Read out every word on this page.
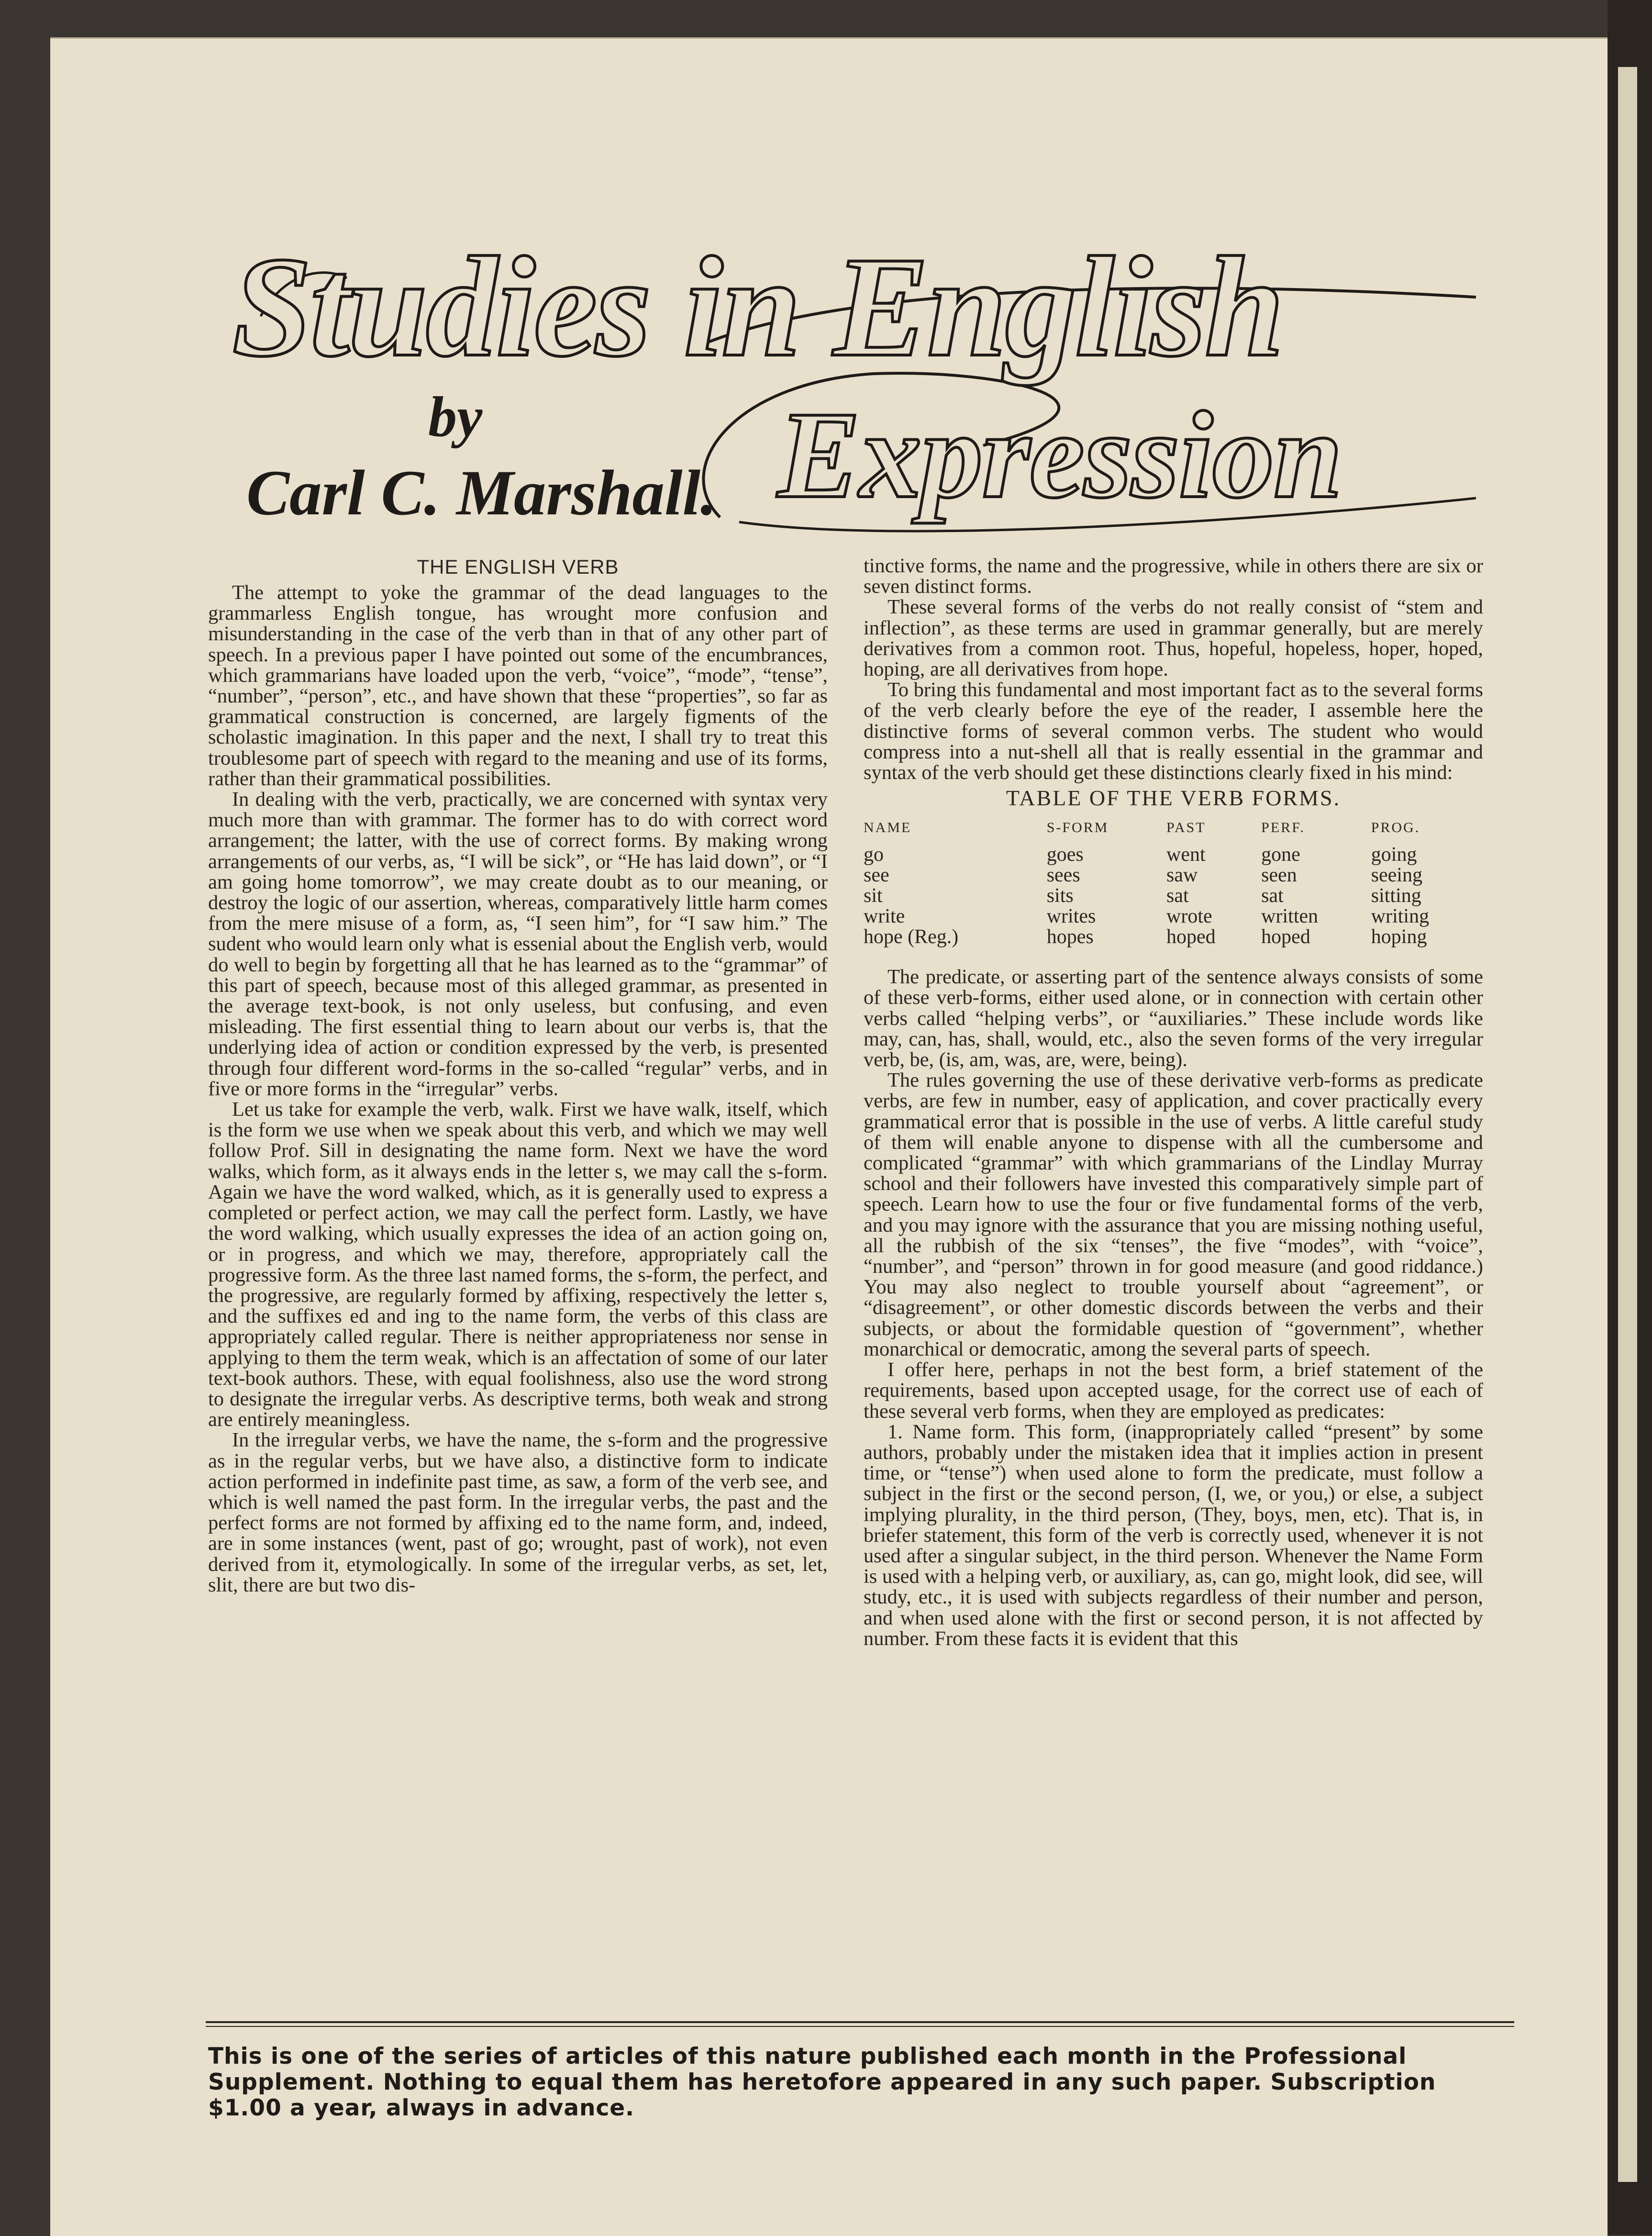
Studies in English
Expression
by
Carl C. Marshall.
THE ENGLISH VERB

The attempt to yoke the grammar of the dead languages to the grammarless English tongue, has wrought more confusion and misunderstanding in the case of the verb than in that of any other part of speech. In a previous paper I have pointed out some of the encumbrances, which grammarians have loaded upon the verb, “voice”, “mode”, “tense”, “number”, “person”, etc., and have shown that these “properties”, so far as grammatical construction is concerned, are largely figments of the scholastic imagination. In this paper and the next, I shall try to treat this troublesome part of speech with regard to the meaning and use of its forms, rather than their grammatical possibilities.

In dealing with the verb, practically, we are concerned with syntax very much more than with grammar. The former has to do with correct word arrangement; the latter, with the use of correct forms. By making wrong arrangements of our verbs, as, “I will be sick”, or “He has laid down”, or “I am going home tomorrow”, we may create doubt as to our meaning, or destroy the logic of our assertion, whereas, comparatively little harm comes from the mere misuse of a form, as, “I seen him”, for “I saw him.” The sudent who would learn only what is essenial about the English verb, would do well to begin by forgetting all that he has learned as to the “grammar” of this part of speech, because most of this alleged grammar, as presented in the average text-book, is not only useless, but confusing, and even misleading. The first essential thing to learn about our verbs is, that the underlying idea of action or condition expressed by the verb, is presented through four different word-forms in the so-called “regular” verbs, and in five or more forms in the “irregular” verbs.

Let us take for example the verb, walk. First we have walk, itself, which is the form we use when we speak about this verb, and which we may well follow Prof. Sill in designating the name form. Next we have the word walks, which form, as it always ends in the letter s, we may call the s-form. Again we have the word walked, which, as it is generally used to express a completed or perfect action, we may call the perfect form. Lastly, we have the word walking, which usually expresses the idea of an action going on, or in progress, and which we may, therefore, appropriately call the progressive form. As the three last named forms, the s-form, the perfect, and the progressive, are regularly formed by affixing, respectively the letter s, and the suffixes ed and ing to the name form, the verbs of this class are appropriately called regular. There is neither appropriateness nor sense in applying to them the term weak, which is an affectation of some of our later text-book authors. These, with equal foolishness, also use the word strong to designate the irregular verbs. As descriptive terms, both weak and strong are entirely meaningless.

In the irregular verbs, we have the name, the s-form and the progressive as in the regular verbs, but we have also, a distinctive form to indicate action performed in indefinite past time, as saw, a form of the verb see, and which is well named the past form. In the irregular verbs, the past and the perfect forms are not formed by affixing ed to the name form, and, indeed, are in some instances (went, past of go; wrought, past of work), not even derived from it, etymologically. In some of the irregular verbs, as set, let, slit, there are but two dis-

tinctive forms, the name and the progressive, while in others there are six or seven distinct forms.

These several forms of the verbs do not really consist of “stem and inflection”, as these terms are used in grammar generally, but are merely derivatives from a common root. Thus, hopeful, hopeless, hoper, hoped, hoping, are all derivatives from hope.

To bring this fundamental and most important fact as to the several forms of the verb clearly before the eye of the reader, I assemble here the distinctive forms of several common verbs. The student who would compress into a nut-shell all that is really essential in the grammar and syntax of the verb should get these distinctions clearly fixed in his mind:

TABLE OF THE VERB FORMS.
NAME	S-FORM	PAST	PERF.	PROG.
go	goes	went	gone	going
see	sees	saw	seen	seeing
sit	sits	sat	sat	sitting
write	writes	wrote	written	writing
hope (Reg.)	hopes	hoped	hoped	hoping

The predicate, or asserting part of the sentence always consists of some of these verb-forms, either used alone, or in connection with certain other verbs called “helping verbs”, or “auxiliaries.” These include words like may, can, has, shall, would, etc., also the seven forms of the very irregular verb, be, (is, am, was, are, were, being).

The rules governing the use of these derivative verb-forms as predicate verbs, are few in number, easy of application, and cover practically every grammatical error that is possible in the use of verbs. A little careful study of them will enable anyone to dispense with all the cumbersome and complicated “grammar” with which grammarians of the Lindlay Murray school and their followers have invested this comparatively simple part of speech. Learn how to use the four or five fundamental forms of the verb, and you may ignore with the assurance that you are missing nothing useful, all the rubbish of the six “tenses”, the five “modes”, with “voice”, “number”, and “person” thrown in for good measure (and good riddance.) You may also neglect to trouble yourself about “agreement”, or “disagreement”, or other domestic discords between the verbs and their subjects, or about the formidable question of “government”, whether monarchical or democratic, among the several parts of speech.

I offer here, perhaps in not the best form, a brief statement of the requirements, based upon accepted usage, for the correct use of each of these several verb forms, when they are employed as predicates:

1. Name form. This form, (inappropriately called “present” by some authors, probably under the mistaken idea that it implies action in present time, or “tense”) when used alone to form the predicate, must follow a subject in the first or the second person, (I, we, or you,) or else, a subject implying plurality, in the third person, (They, boys, men, etc). That is, in briefer statement, this form of the verb is correctly used, whenever it is not used after a singular subject, in the third person. Whenever the Name Form is used with a helping verb, or auxiliary, as, can go, might look, did see, will study, etc., it is used with subjects regardless of their number and person, and when used alone with the first or second person, it is not affected by number. From these facts it is evident that this

This is one of the series of articles of this nature published each month in the Professional
Supplement. Nothing to equal them has heretofore appeared in any such paper. Subscription
$1.00 a year, always in advance.
